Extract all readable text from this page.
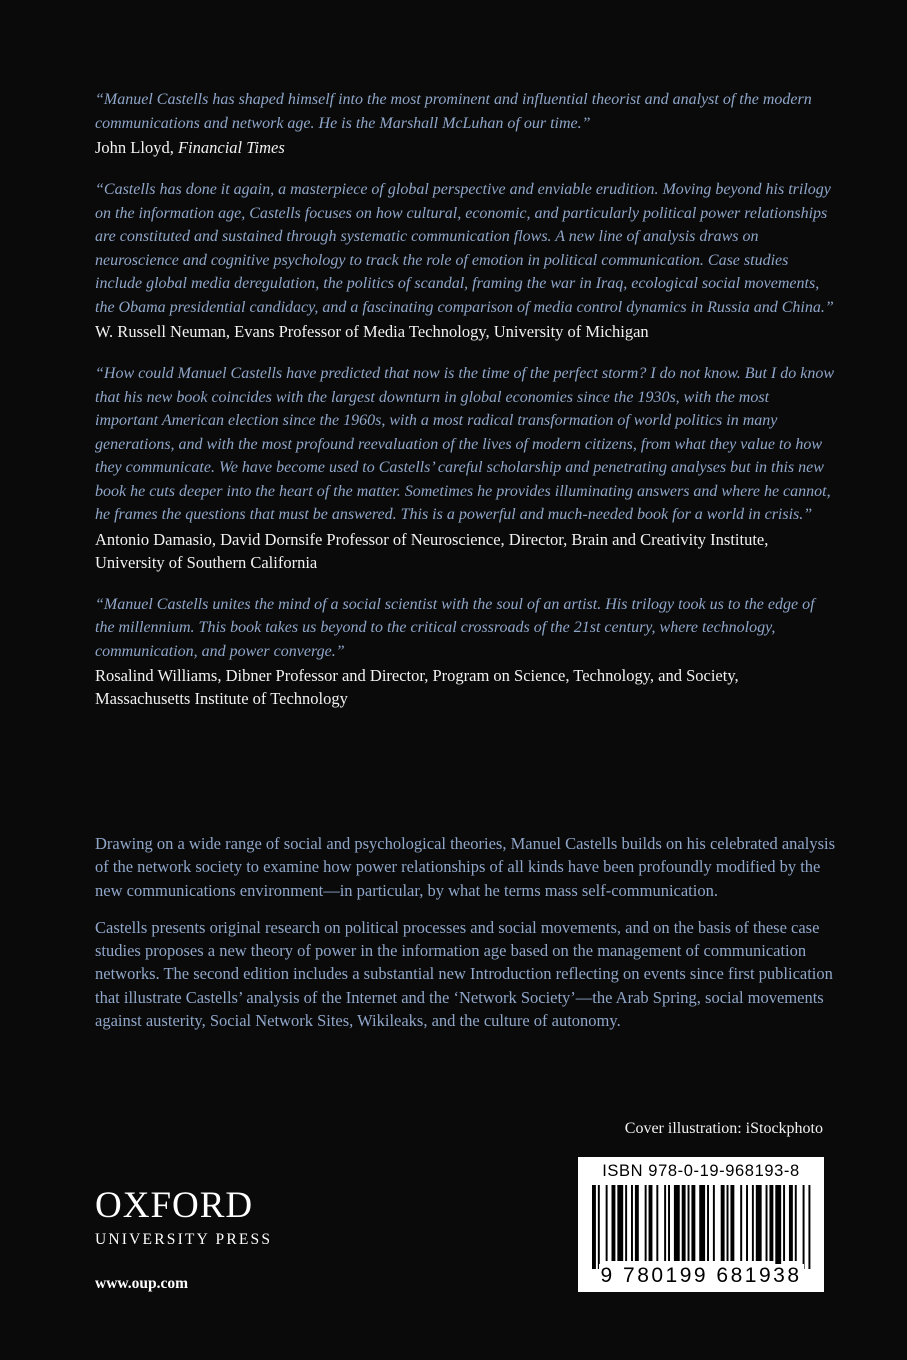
“Manuel Castells has shaped himself into the most prominent and influential theorist and analyst of the modern communications and network age. He is the Marshall McLuhan of our time.”

John Lloyd, Financial Times

“Castells has done it again, a masterpiece of global perspective and enviable erudition. Moving beyond his trilogy on the information age, Castells focuses on how cultural, economic, and particularly political power relationships are constituted and sustained through systematic communication flows. A new line of analysis draws on neuroscience and cognitive psychology to track the role of emotion in political communication. Case studies include global media deregulation, the politics of scandal, framing the war in Iraq, ecological social movements, the Obama presidential candidacy, and a fascinating comparison of media control dynamics in Russia and China.”

W. Russell Neuman, Evans Professor of Media Technology, University of Michigan

“How could Manuel Castells have predicted that now is the time of the perfect storm? I do not know. But I do know that his new book coincides with the largest downturn in global economies since the 1930s, with the most important American election since the 1960s, with a most radical transformation of world politics in many generations, and with the most profound reevaluation of the lives of modern citizens, from what they value to how they communicate. We have become used to Castells’ careful scholarship and penetrating analyses but in this new book he cuts deeper into the heart of the matter. Sometimes he provides illuminating answers and where he cannot, he frames the questions that must be answered. This is a powerful and much-needed book for a world in crisis.”

Antonio Damasio, David Dornsife Professor of Neuroscience, Director, Brain and Creativity Institute, University of Southern California

“Manuel Castells unites the mind of a social scientist with the soul of an artist. His trilogy took us to the edge of the millennium. This book takes us beyond to the critical crossroads of the 21st century, where technology, communication, and power converge.”

Rosalind Williams, Dibner Professor and Director, Program on Science, Technology, and Society, Massachusetts Institute of Technology

Drawing on a wide range of social and psychological theories, Manuel Castells builds on his celebrated analysis of the network society to examine how power relationships of all kinds have been profoundly modified by the new communications environment—in particular, by what he terms mass self-communication.

Castells presents original research on political processes and social movements, and on the basis of these case studies proposes a new theory of power in the information age based on the management of communication networks. The second edition includes a substantial new Introduction reflecting on events since first publication that illustrate Castells’ analysis of the Internet and the ‘Network Society’—the Arab Spring, social movements against austerity, Social Network Sites, Wikileaks, and the culture of autonomy.

Cover illustration: iStockphoto
OXFORD
UNIVERSITY PRESS
www.oup.com
ISBN 978-0-19-968193-8
9 780199 681938
